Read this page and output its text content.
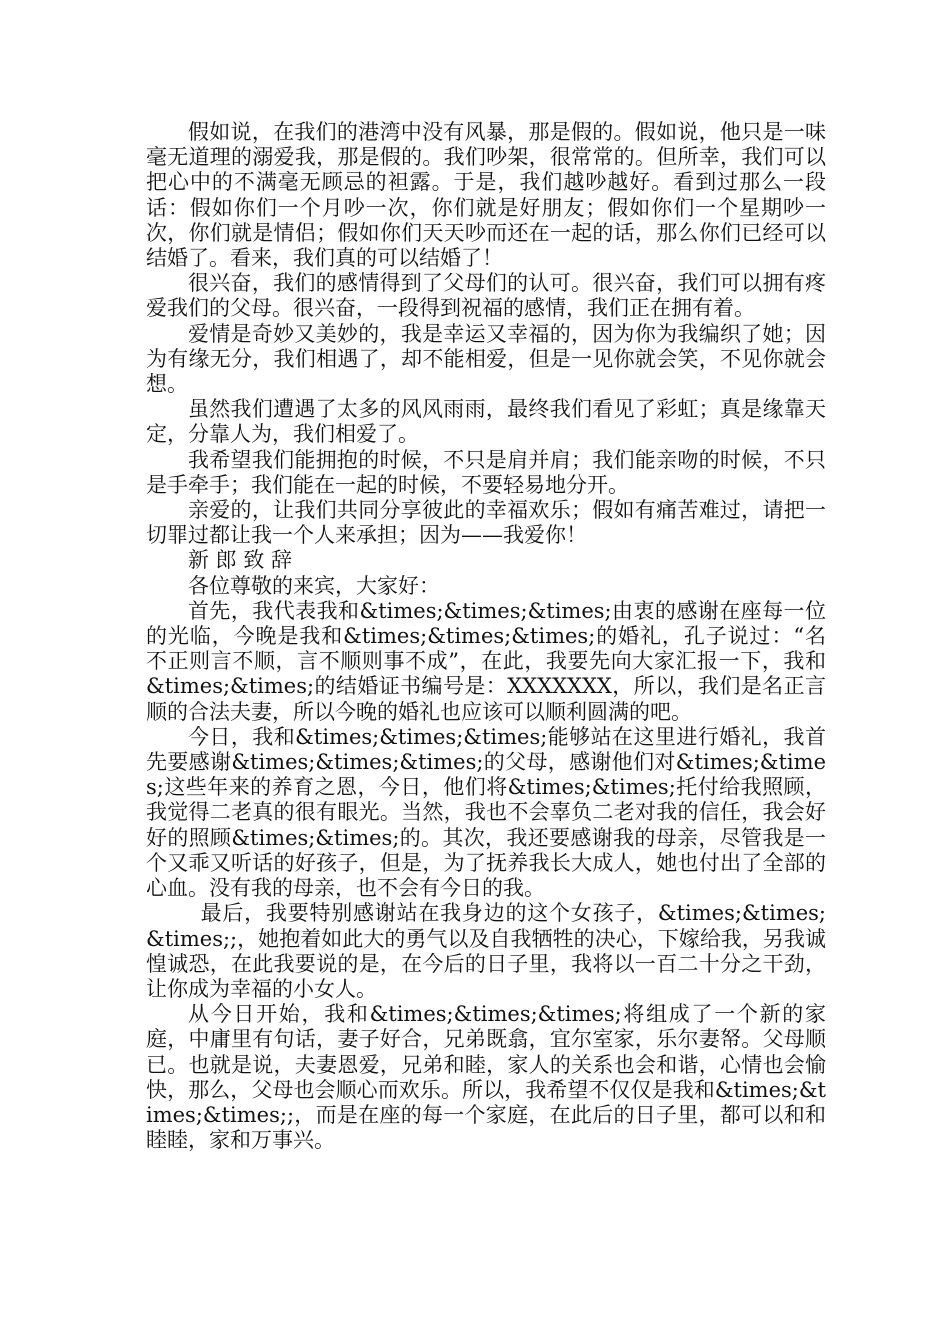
假如说，在我们的港湾中没有风暴，那是假的。假如说，他只是一味毫无道理的溺爱我，那是假的。我们吵架，很常常的。但所幸，我们可以把心中的不满毫无顾忌的袒露。于是，我们越吵越好。看到过那么一段话：假如你们一个月吵一次，你们就是好朋友；假如你们一个星期吵一次，你们就是情侣；假如你们天天吵而还在一起的话，那么你们已经可以结婚了。看来，我们真的可以结婚了！

很兴奋，我们的感情得到了父母们的认可。很兴奋，我们可以拥有疼爱我们的父母。很兴奋，一段得到祝福的感情，我们正在拥有着。

爱情是奇妙又美妙的，我是幸运又幸福的，因为你为我编织了她；因为有缘无分，我们相遇了，却不能相爱，但是一见你就会笑，不见你就会想。

虽然我们遭遇了太多的风风雨雨，最终我们看见了彩虹；真是缘靠天定，分靠人为，我们相爱了。

我希望我们能拥抱的时候，不只是肩并肩；我们能亲吻的时候，不只是手牵手；我们能在一起的时候，不要轻易地分开。

亲爱的，让我们共同分享彼此的幸福欢乐；假如有痛苦难过，请把一切罪过都让我一个人来承担；因为——我爱你！

新 郎 致 辞

各位尊敬的来宾，大家好：

首先，我代表我和&times;&times;&times;由衷的感谢在座每一位的光临，今晚是我和&times;&times;&times;的婚礼，孔子说过：“名不正则言不顺，言不顺则事不成”，在此，我要先向大家汇报一下，我和&times;&times;的结婚证书编号是：XXXXXXX，所以，我们是名正言顺的合法夫妻，所以今晚的婚礼也应该可以顺利圆满的吧。

今日，我和&times;&times;&times;能够站在这里进行婚礼，我首先要感谢&times;&times;&times;的父母，感谢他们对&times;&times;这些年来的养育之恩，今日，他们将&times;&times;托付给我照顾，我觉得二老真的很有眼光。当然，我也不会辜负二老对我的信任，我会好好的照顾&times;&times;的。其次，我还要感谢我的母亲，尽管我是一个又乖又听话的好孩子，但是，为了抚养我长大成人，她也付出了全部的心血。没有我的母亲，也不会有今日的我。

最后，我要特别感谢站在我身边的这个女孩子，&times;&times;&times;;，她抱着如此大的勇气以及自我牺牲的决心，下嫁给我，另我诚惶诚恐，在此我要说的是，在今后的日子里，我将以一百二十分之干劲，让你成为幸福的小女人。

从今日开始，我和&times;&times;&times;将组成了一个新的家庭，中庸里有句话，妻子好合，兄弟既翕，宜尔室家，乐尔妻帑。父母顺已。也就是说，夫妻恩爱，兄弟和睦，家人的关系也会和谐，心情也会愉快，那么，父母也会顺心而欢乐。所以，我希望不仅仅是我和&times;&times;&times;;，而是在座的每一个家庭，在此后的日子里，都可以和和睦睦，家和万事兴。
